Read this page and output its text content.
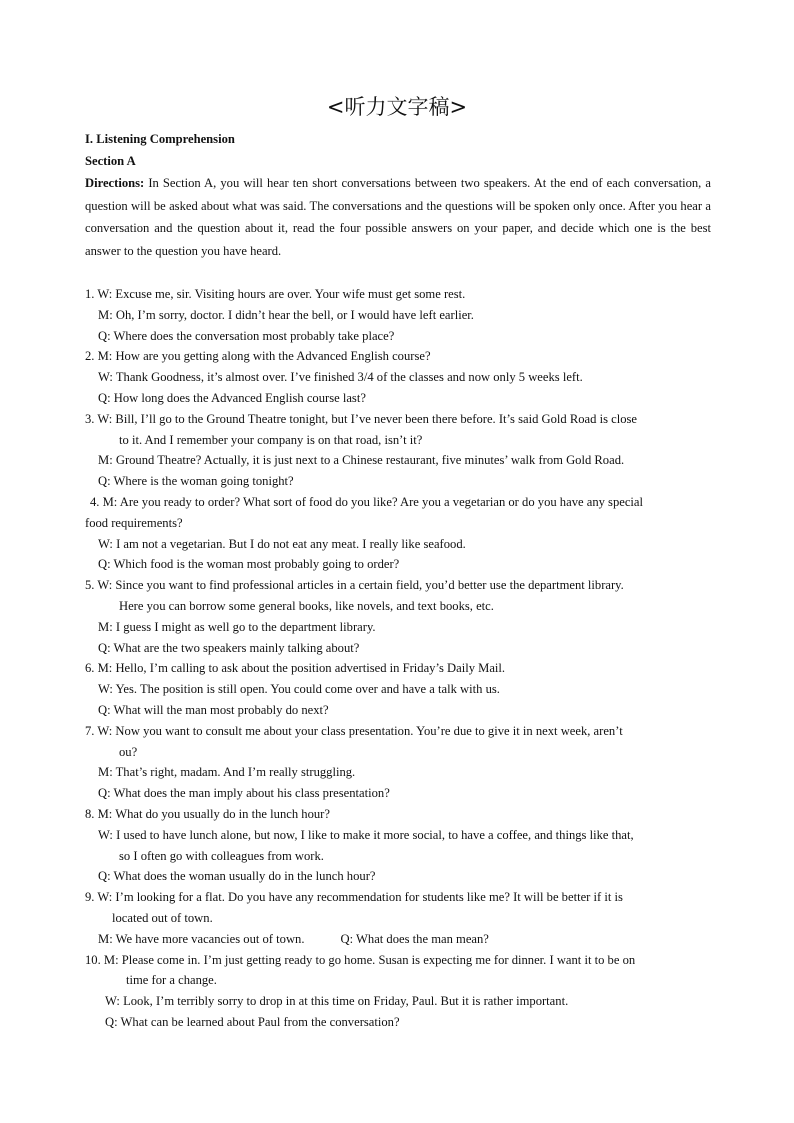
<听力文字稿>
I. Listening Comprehension
Section A

Directions: In Section A, you will hear ten short conversations between two speakers. At the end of each conversation, a question will be asked about what was said. The conversations and the questions will be spoken only once. After you hear a conversation and the question about it, read the four possible answers on your paper, and decide which one is the best answer to the question you have heard.

1. W: Excuse me, sir. Visiting hours are over. Your wife must get some rest.
M: Oh, I’m sorry, doctor. I didn’t hear the bell, or I would have left earlier.
Q: Where does the conversation most probably take place?
2. M: How are you getting along with the Advanced English course?
W: Thank Goodness, it’s almost over. I’ve finished 3/4 of the classes and now only 5 weeks left.
Q: How long does the Advanced English course last?
3. W: Bill, I’ll go to the Ground Theatre tonight, but I’ve never been there before. It’s said Gold Road is close
to it. And I remember your company is on that road, isn’t it?
M: Ground Theatre? Actually, it is just next to a Chinese restaurant, five minutes’ walk from Gold Road.
Q: Where is the woman going tonight?
4. M: Are you ready to order? What sort of food do you like? Are you a vegetarian or do you have any special
food requirements?
W: I am not a vegetarian. But I do not eat any meat. I really like seafood.
Q: Which food is the woman most probably going to order?
5. W: Since you want to find professional articles in a certain field, you’d better use the department library.
Here you can borrow some general books, like novels, and text books, etc.
M: I guess I might as well go to the department library.
Q: What are the two speakers mainly talking about?
6. M: Hello, I’m calling to ask about the position advertised in Friday’s Daily Mail.
W: Yes. The position is still open. You could come over and have a talk with us.
Q: What will the man most probably do next?
7. W: Now you want to consult me about your class presentation. You’re due to give it in next week, aren’t
ou?
M: That’s right, madam. And I’m really struggling.
Q: What does the man imply about his class presentation?
8. M: What do you usually do in the lunch hour?
W: I used to have lunch alone, but now, I like to make it more social, to have a coffee, and things like that,
so I often go with colleagues from work.
Q: What does the woman usually do in the lunch hour?
9. W: I’m looking for a flat. Do you have any recommendation for students like me? It will be better if it is
located out of town.
M: We have more vacancies out of town.	Q: What does the man mean?
10. M: Please come in. I’m just getting ready to go home. Susan is expecting me for dinner. I want it to be on
time for a change.
W: Look, I’m terribly sorry to drop in at this time on Friday, Paul. But it is rather important.
Q: What can be learned about Paul from the conversation?
